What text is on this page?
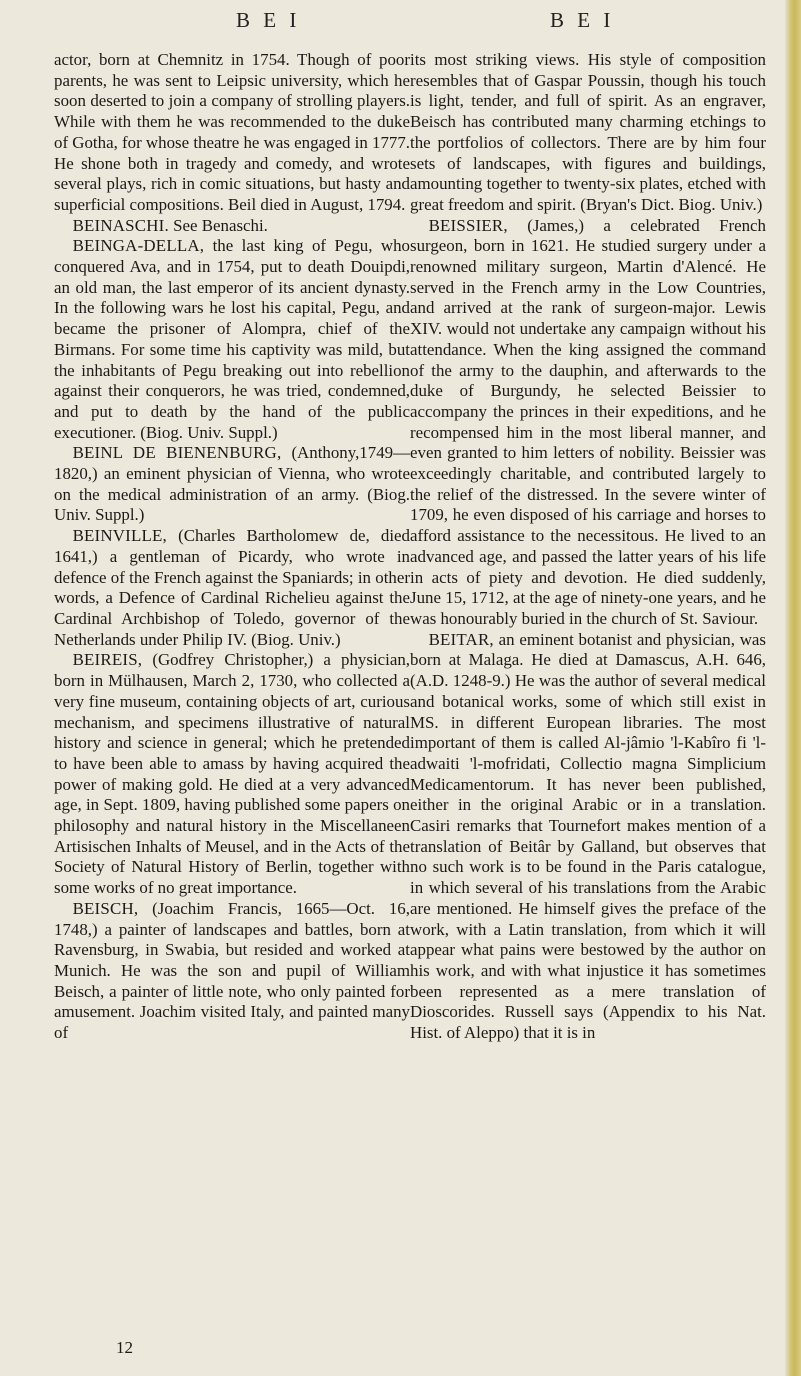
B E I	B E I

actor, born at Chemnitz in 1754. Though of poor parents, he was sent to Leipsic university, which he soon deserted to join a company of strolling players. While with them he was recommended to the duke of Gotha, for whose theatre he was engaged in 1777. He shone both in tragedy and comedy, and wrote several plays, rich in comic situations, but hasty and superficial compositions. Beil died in August, 1794.

BEINASCHI. See Benaschi.

BEINGA-DELLA, the last king of Pegu, who conquered Ava, and in 1754, put to death Douipdi, an old man, the last emperor of its ancient dynasty. In the following wars he lost his capital, Pegu, and became the prisoner of Alompra, chief of the Birmans. For some time his captivity was mild, but the inhabitants of Pegu breaking out into rebellion against their conquerors, he was tried, condemned, and put to death by the hand of the public executioner. (Biog. Univ. Suppl.)

BEINL DE BIENENBURG, (Anthony,1749—1820,) an eminent physician of Vienna, who wrote on the medical administration of an army. (Biog. Univ. Suppl.)

BEINVILLE, (Charles Bartholomew de, died 1641,) a gentleman of Picardy, who wrote in defence of the French against the Spaniards; in other words, a Defence of Cardinal Richelieu against the Cardinal Archbishop of Toledo, governor of the Netherlands under Philip IV. (Biog. Univ.)

BEIREIS, (Godfrey Christopher,) a physician, born in Mülhausen, March 2, 1730, who collected a very fine museum, containing objects of art, curious mechanism, and specimens illustrative of natural history and science in general; which he pretended to have been able to amass by having acquired the power of making gold. He died at a very advanced age, in Sept. 1809, having published some papers on philosophy and natural history in the Miscellaneen Artisischen Inhalts of Meusel, and in the Acts of the Society of Natural History of Berlin, together with some works of no great importance.

BEISCH, (Joachim Francis, 1665—Oct. 16, 1748,) a painter of landscapes and battles, born at Ravensburg, in Swabia, but resided and worked at Munich. He was the son and pupil of William Beisch, a painter of little note, who only painted for amusement. Joachim visited Italy, and painted many of

its most striking views. His style of composition resembles that of Gaspar Poussin, though his touch is light, tender, and full of spirit. As an engraver, Beisch has contributed many charming etchings to the portfolios of collectors. There are by him four sets of landscapes, with figures and buildings, amounting together to twenty-six plates, etched with great freedom and spirit. (Bryan's Dict. Biog. Univ.)

BEISSIER, (James,) a celebrated French surgeon, born in 1621. He studied surgery under a renowned military surgeon, Martin d'Alencé. He served in the French army in the Low Countries, and arrived at the rank of surgeon-major. Lewis XIV. would not undertake any campaign without his attendance. When the king assigned the command of the army to the dauphin, and afterwards to the duke of Burgundy, he selected Beissier to accompany the princes in their expeditions, and he recompensed him in the most liberal manner, and even granted to him letters of nobility. Beissier was exceedingly charitable, and contributed largely to the relief of the distressed. In the severe winter of 1709, he even disposed of his carriage and horses to afford assistance to the necessitous. He lived to an advanced age, and passed the latter years of his life in acts of piety and devotion. He died suddenly, June 15, 1712, at the age of ninety-one years, and he was honourably buried in the church of St. Saviour.

BEITAR, an eminent botanist and physician, was born at Malaga. He died at Damascus, A.H. 646, (A.D. 1248-9.) He was the author of several medical and botanical works, some of which still exist in MS. in different European libraries. The most important of them is called Al-jâmio 'l-Kabîro fi 'l-adwaiti 'l-mofridati, Collectio magna Simplicium Medicamentorum. It has never been published, either in the original Arabic or in a translation. Casiri remarks that Tournefort makes mention of a translation of Beitâr by Galland, but observes that no such work is to be found in the Paris catalogue, in which several of his translations from the Arabic are mentioned. He himself gives the preface of the work, with a Latin translation, from which it will appear what pains were bestowed by the author on his work, and with what injustice it has sometimes been represented as a mere translation of Dioscorides. Russell says (Appendix to his Nat. Hist. of Aleppo) that it is in

12
